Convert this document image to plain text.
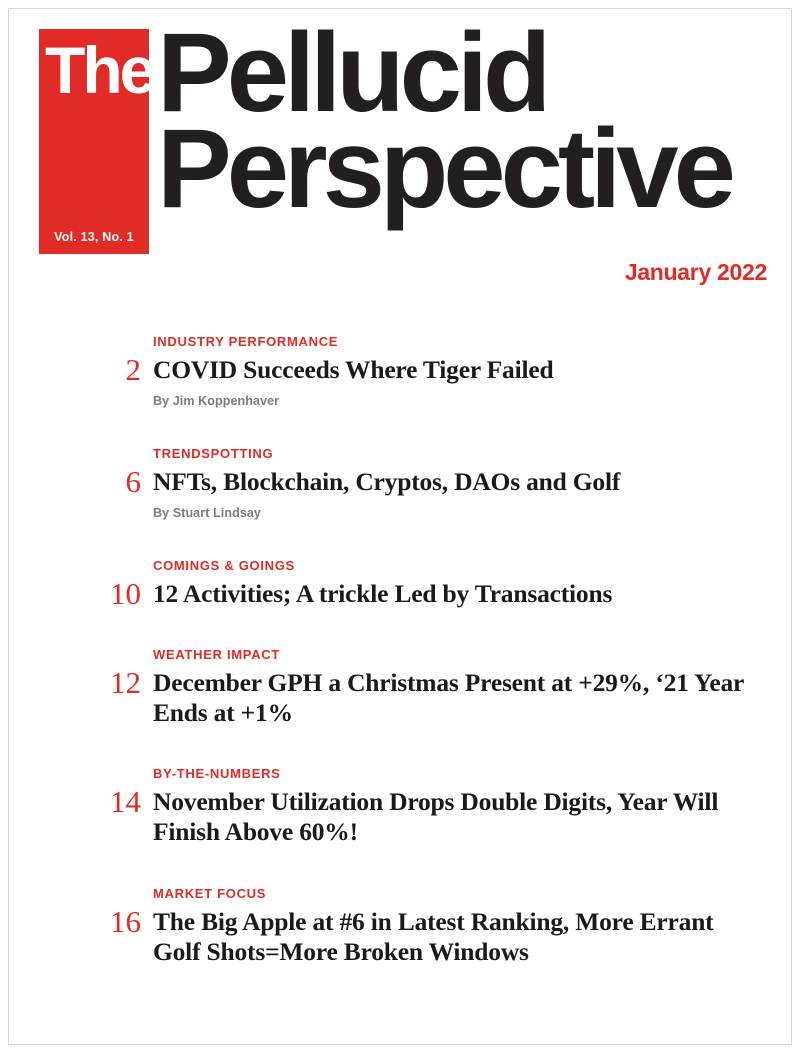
The
Vol. 13, No. 1
Pellucid
Perspective
January 2022
2
INDUSTRY PERFORMANCE
COVID Succeeds Where Tiger Failed
By Jim Koppenhaver
6
TRENDSPOTTING
NFTs, Blockchain, Cryptos, DAOs and Golf
By Stuart Lindsay
10
COMINGS & GOINGS
12 Activities; A trickle Led by Transactions
12
WEATHER IMPACT
December GPH a Christmas Present at +29%, ‘21 Year Ends at +1%
14
BY-THE-NUMBERS
November Utilization Drops Double Digits, Year Will Finish Above 60%!
16
MARKET FOCUS
The Big Apple at #6 in Latest Ranking, More Errant Golf Shots=More Broken Windows
